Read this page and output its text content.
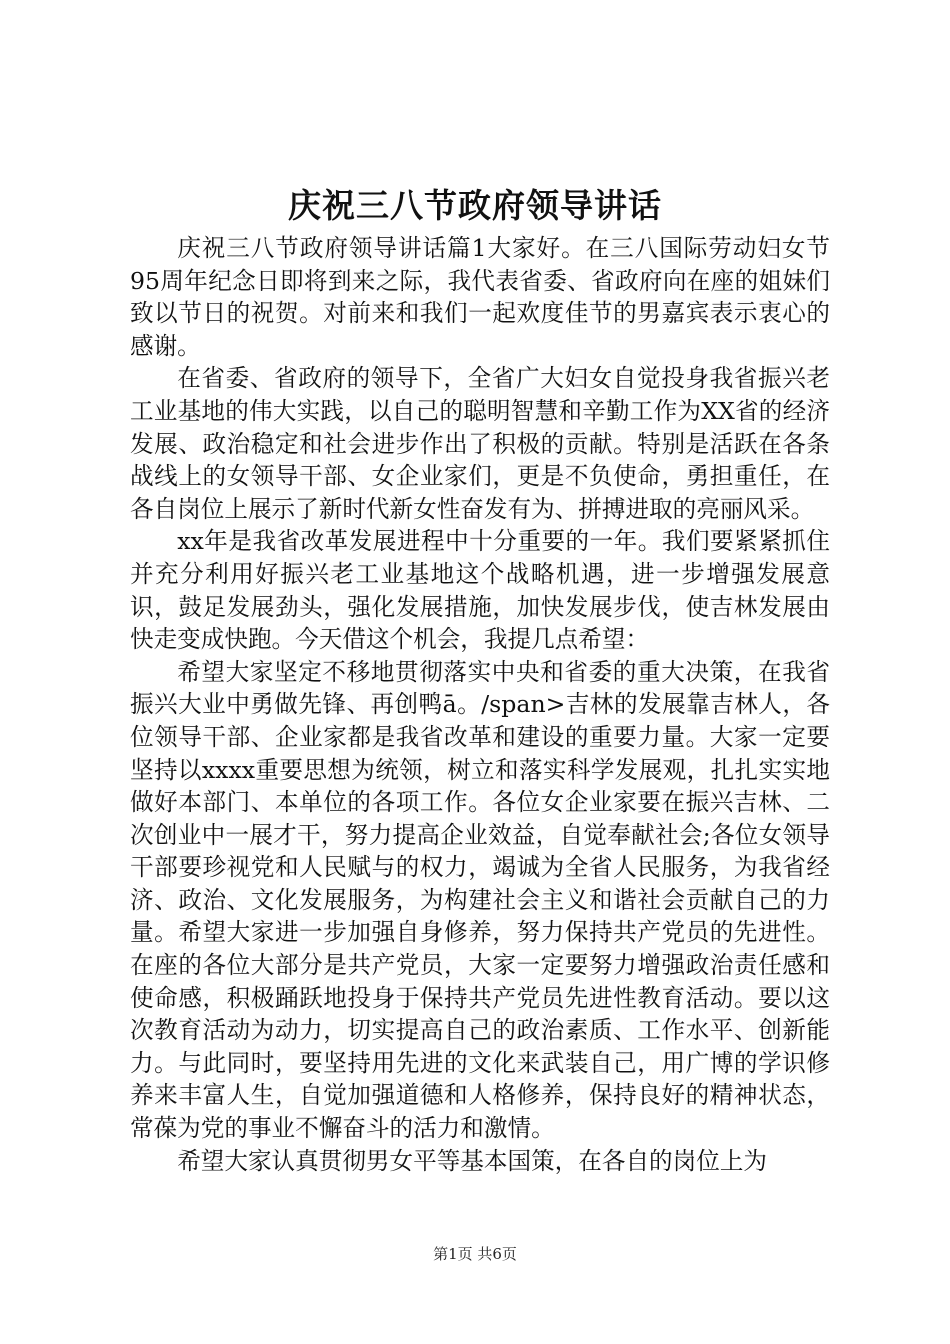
庆祝三八节政府领导讲话

庆祝三八节政府领导讲话篇1大家好。在三八国际劳动妇女节95周年纪念日即将到来之际，我代表省委、省政府向在座的姐妹们致以节日的祝贺。对前来和我们一起欢度佳节的男嘉宾表示衷心的感谢。

在省委、省政府的领导下，全省广大妇女自觉投身我省振兴老工业基地的伟大实践，以自己的聪明智慧和辛勤工作为XX省的经济发展、政治稳定和社会进步作出了积极的贡献。特别是活跃在各条战线上的女领导干部、女企业家们，更是不负使命，勇担重任，在各自岗位上展示了新时代新女性奋发有为、拼搏进取的亮丽风采。

xx年是我省改革发展进程中十分重要的一年。我们要紧紧抓住并充分利用好振兴老工业基地这个战略机遇，进一步增强发展意识，鼓足发展劲头，强化发展措施，加快发展步伐，使吉林发展由快走变成快跑。今天借这个机会，我提几点希望：

希望大家坚定不移地贯彻落实中央和省委的重大决策，在我省振兴大业中勇做先锋、再创鸭ā。/span>吉林的发展靠吉林人，各位领导干部、企业家都是我省改革和建设的重要力量。大家一定要坚持以xxxx重要思想为统领，树立和落实科学发展观，扎扎实实地做好本部门、本单位的各项工作。各位女企业家要在振兴吉林、二次创业中一展才干，努力提高企业效益，自觉奉献社会;各位女领导干部要珍视党和人民赋与的权力，竭诚为全省人民服务，为我省经济、政治、文化发展服务，为构建社会主义和谐社会贡献自己的力量。希望大家进一步加强自身修养，努力保持共产党员的先进性。在座的各位大部分是共产党员，大家一定要努力增强政治责任感和使命感，积极踊跃地投身于保持共产党员先进性教育活动。要以这次教育活动为动力，切实提高自己的政治素质、工作水平、创新能力。与此同时，要坚持用先进的文化来武装自己，用广博的学识修养来丰富人生，自觉加强道德和人格修养，保持良好的精神状态，常葆为党的事业不懈奋斗的活力和激情。

希望大家认真贯彻男女平等基本国策，在各自的岗位上为

第1页 共6页
